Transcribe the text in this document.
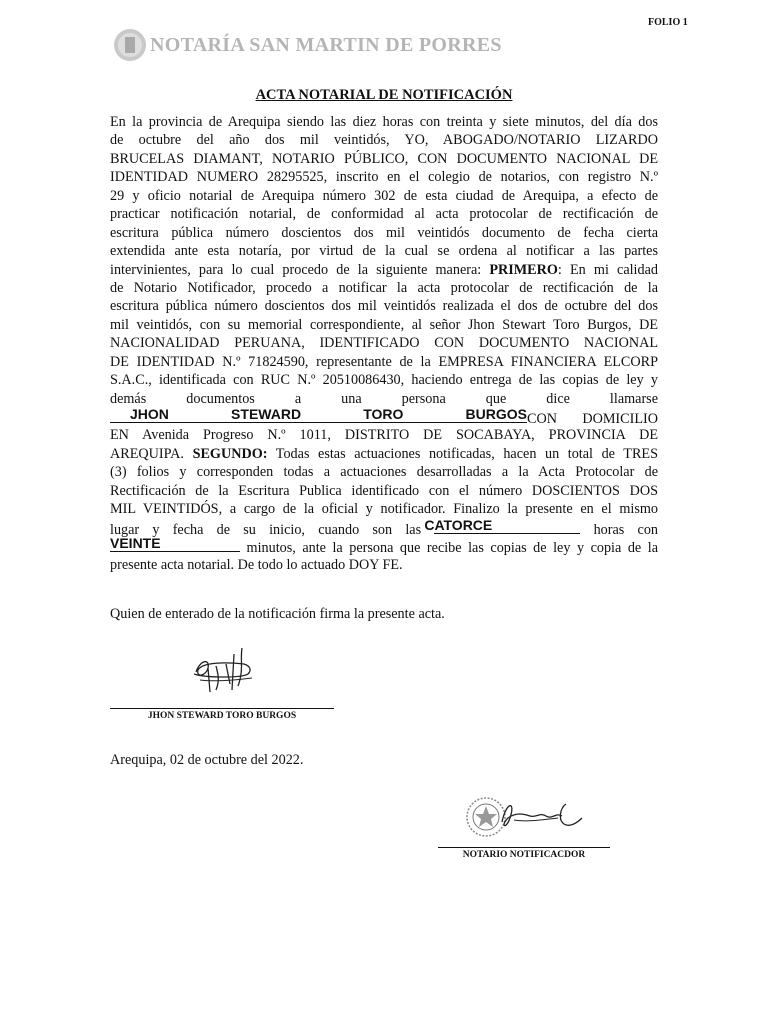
FOLIO 1
NOTARÍA SAN MARTIN DE PORRES
ACTA NOTARIAL DE NOTIFICACIÓN
En la provincia de Arequipa siendo las diez horas con treinta y siete minutos, del día dos
de octubre del año dos mil veintidós, YO, ABOGADO/NOTARIO LIZARDO
BRUCELAS DIAMANT, NOTARIO PÚBLICO, CON DOCUMENTO NACIONAL DE
IDENTIDAD NUMERO 28295525, inscrito en el colegio de notarios, con registro N.º
29 y oficio notarial de Arequipa número 302 de esta ciudad de Arequipa, a efecto de
practicar notificación notarial, de conformidad al acta protocolar de rectificación de
escritura pública número doscientos dos mil veintidós documento de fecha cierta
extendida ante esta notaría, por virtud de la cual se ordena al notificar a las partes
intervinientes, para lo cual procedo de la siguiente manera: PRIMERO: En mi calidad
de Notario Notificador, procedo a notificar la acta protocolar de rectificación de la
escritura pública número doscientos dos mil veintidós realizada el dos de octubre del dos
mil veintidós, con su memorial correspondiente, al señor Jhon Stewart Toro Burgos, DE
NACIONALIDAD PERUANA, IDENTIFICADO CON DOCUMENTO NACIONAL
DE IDENTIDAD N.º 71824590, representante de la EMPRESA FINANCIERA ELCORP
S.A.C., identificada con RUC N.º 20510086430, haciendo entrega de las copias de ley y
demás documentos a una persona que dice llamarse
JHON STEWARD TORO BURGOS CON DOMICILIO
EN Avenida Progreso N.º 1011, DISTRITO DE SOCABAYA, PROVINCIA DE
AREQUIPA. SEGUNDO: Todas estas actuaciones notificadas, hacen un total de TRES
(3) folios y corresponden todas a actuaciones desarrolladas a la Acta Protocolar de
Rectificación de la Escritura Publica identificado con el número DOSCIENTOS DOS
MIL VEINTIDÓS, a cargo de la oficial y notificador. Finalizo la presente en el mismo
lugar y fecha de su inicio, cuando son las CATORCE	horas con
VEINTE	minutos, ante la persona que recibe las copias de ley y copia de la
presente acta notarial. De todo lo actuado DOY FE.
Quien de enterado de la notificación firma la presente acta.
JHON STEWARD TORO BURGOS
Arequipa, 02 de octubre del 2022.
NOTARIO NOTIFICACDOR
